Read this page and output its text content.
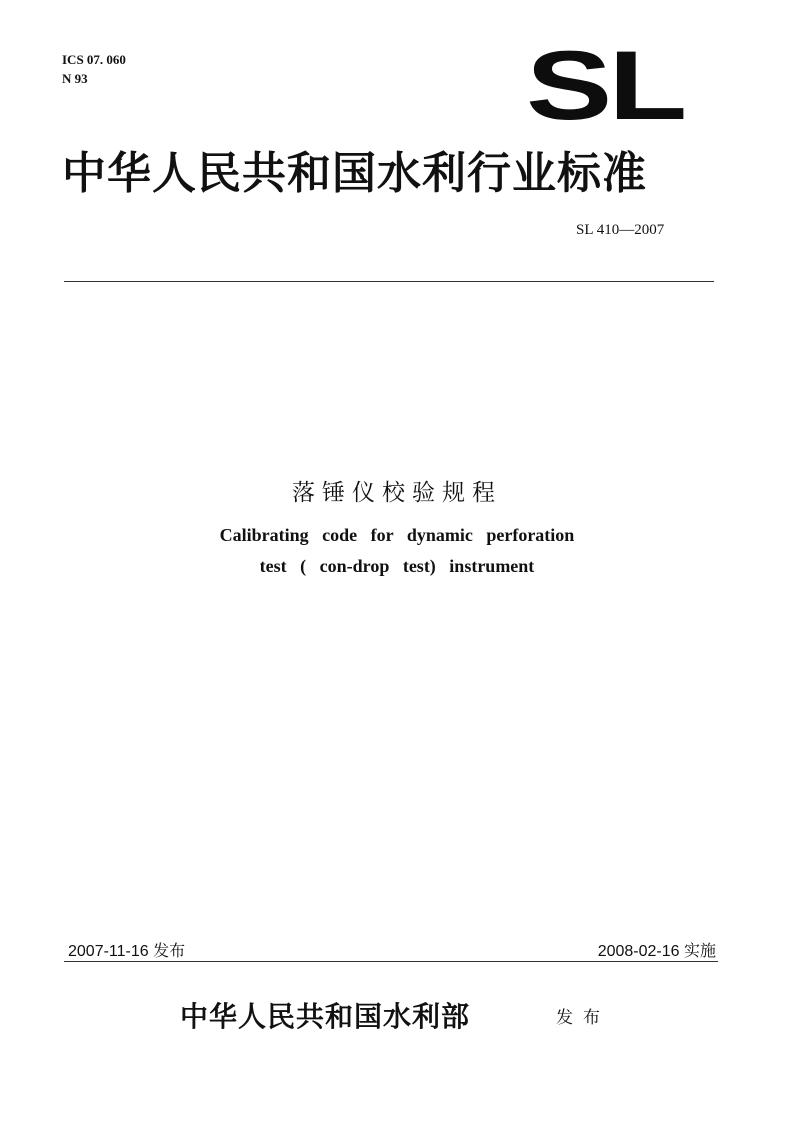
ICS 07. 060
N 93	SL
中华人民共和国水利行业标准
SL 410—2007
落锤仪校验规程
Calibrating code for dynamic perforation
test ( con-drop test) instrument
2007-11-16 发布	2008-02-16 实施
中华人民共和国水利部	发布
